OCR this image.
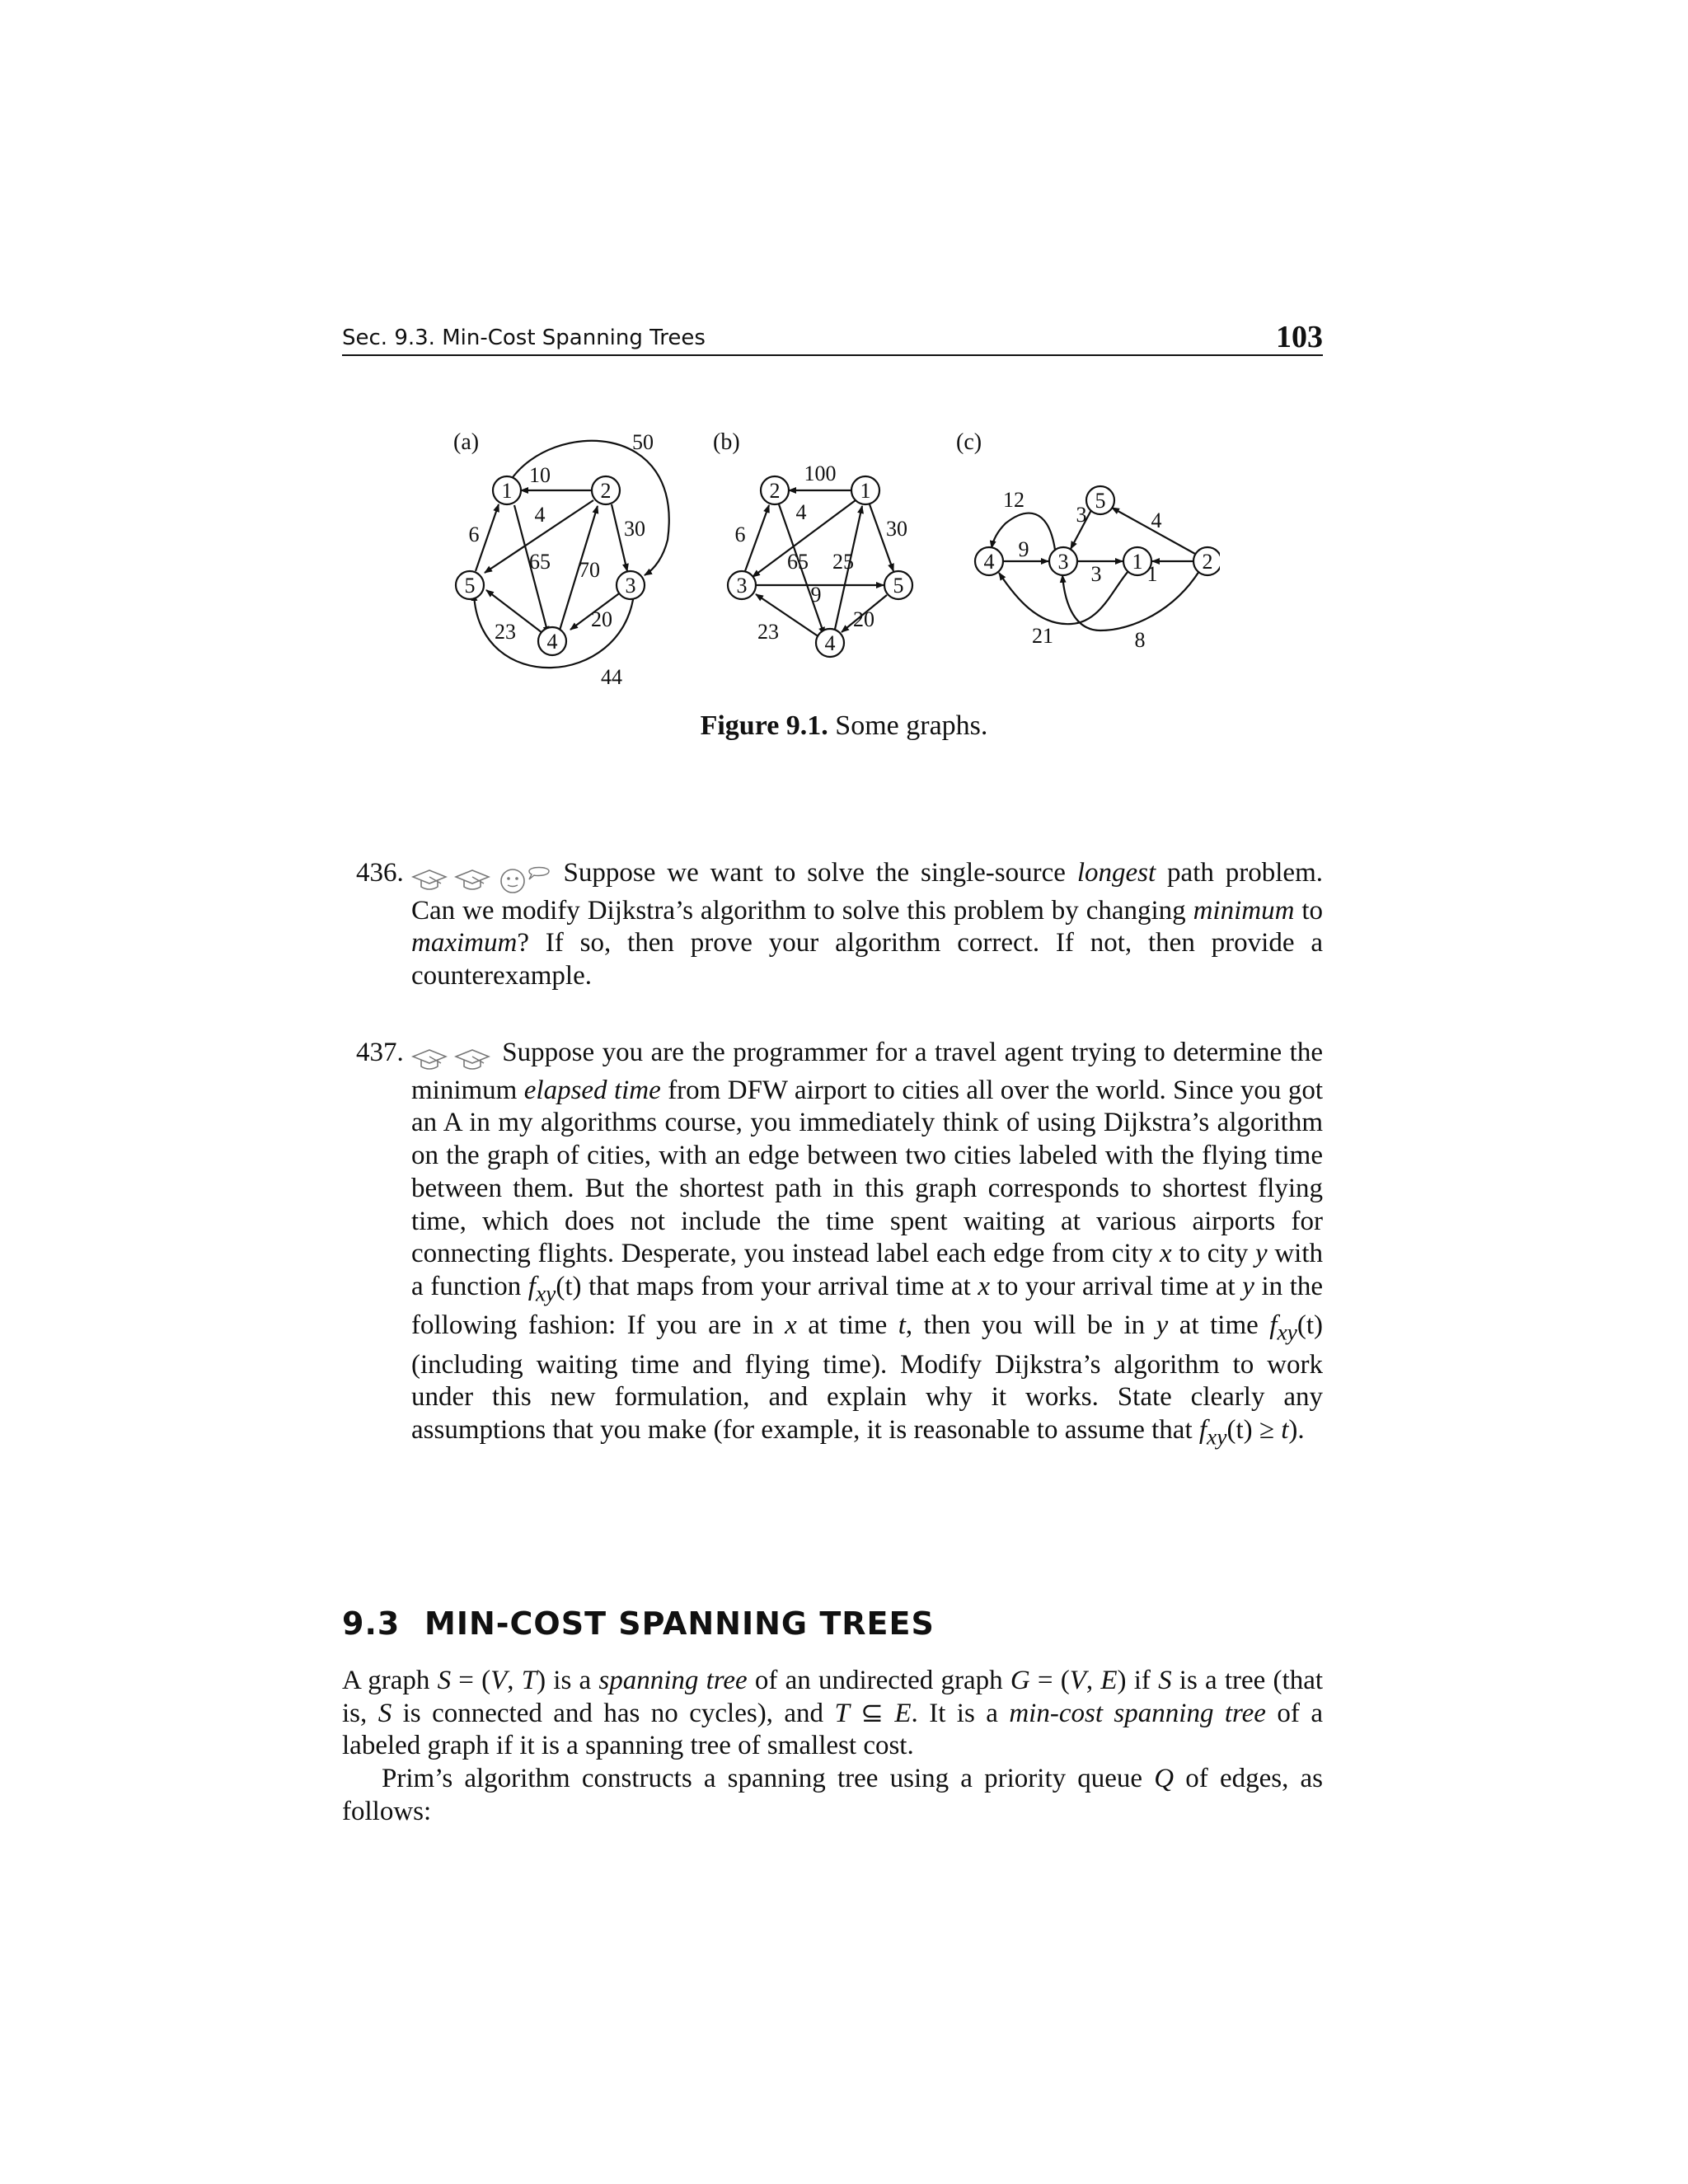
Sec. 9.3. Min-Cost Spanning Trees	103
(a)
1	2
3
4
5
10
50
4
30
6
65 70
23
20
44
(b)
2	1
3	5
4
100
4
30
6
65 25
9
23
20
(c)
5
4	3	1	2
12
3	4
9
3 1
21	8
Figure 9.1. Some graphs.
436.	Suppose we want to solve the single-source longest path problem. Can we modify Dijkstra’s algorithm to solve this problem by changing minimum to maximum? If so, then prove your algorithm correct. If not, then provide a counterexample.
437.	Suppose you are the programmer for a travel agent trying to determine the minimum elapsed time from DFW airport to cities all over the world. Since you got an A in my algorithms course, you immediately think of using Dijkstra’s algorithm on the graph of cities, with an edge between two cities labeled with the flying time between them. But the shortest path in this graph corresponds to shortest flying time, which does not include the time spent waiting at various airports for connecting flights. Desperate, you instead label each edge from city x to city y with a function $f_{xy}(t)$ that maps from your arrival time at x to your arrival time at y in the following fashion: If you are in x at time t, then you will be in y at time $f_{xy}(t)$ (including waiting time and flying time). Modify Dijkstra’s algorithm to work under this new formulation, and explain why it works. State clearly any assumptions that you make (for example, it is reasonable to assume that $f_{xy}(t) \ge t$).
9.3 MIN-COST SPANNING TREES

A graph S = (V, T) is a spanning tree of an undirected graph G = (V, E) if S is a tree (that is, S is connected and has no cycles), and T ⊆ E. It is a min-cost spanning tree of a labeled graph if it is a spanning tree of smallest cost.

Prim’s algorithm constructs a spanning tree using a priority queue Q of edges, as follows:
